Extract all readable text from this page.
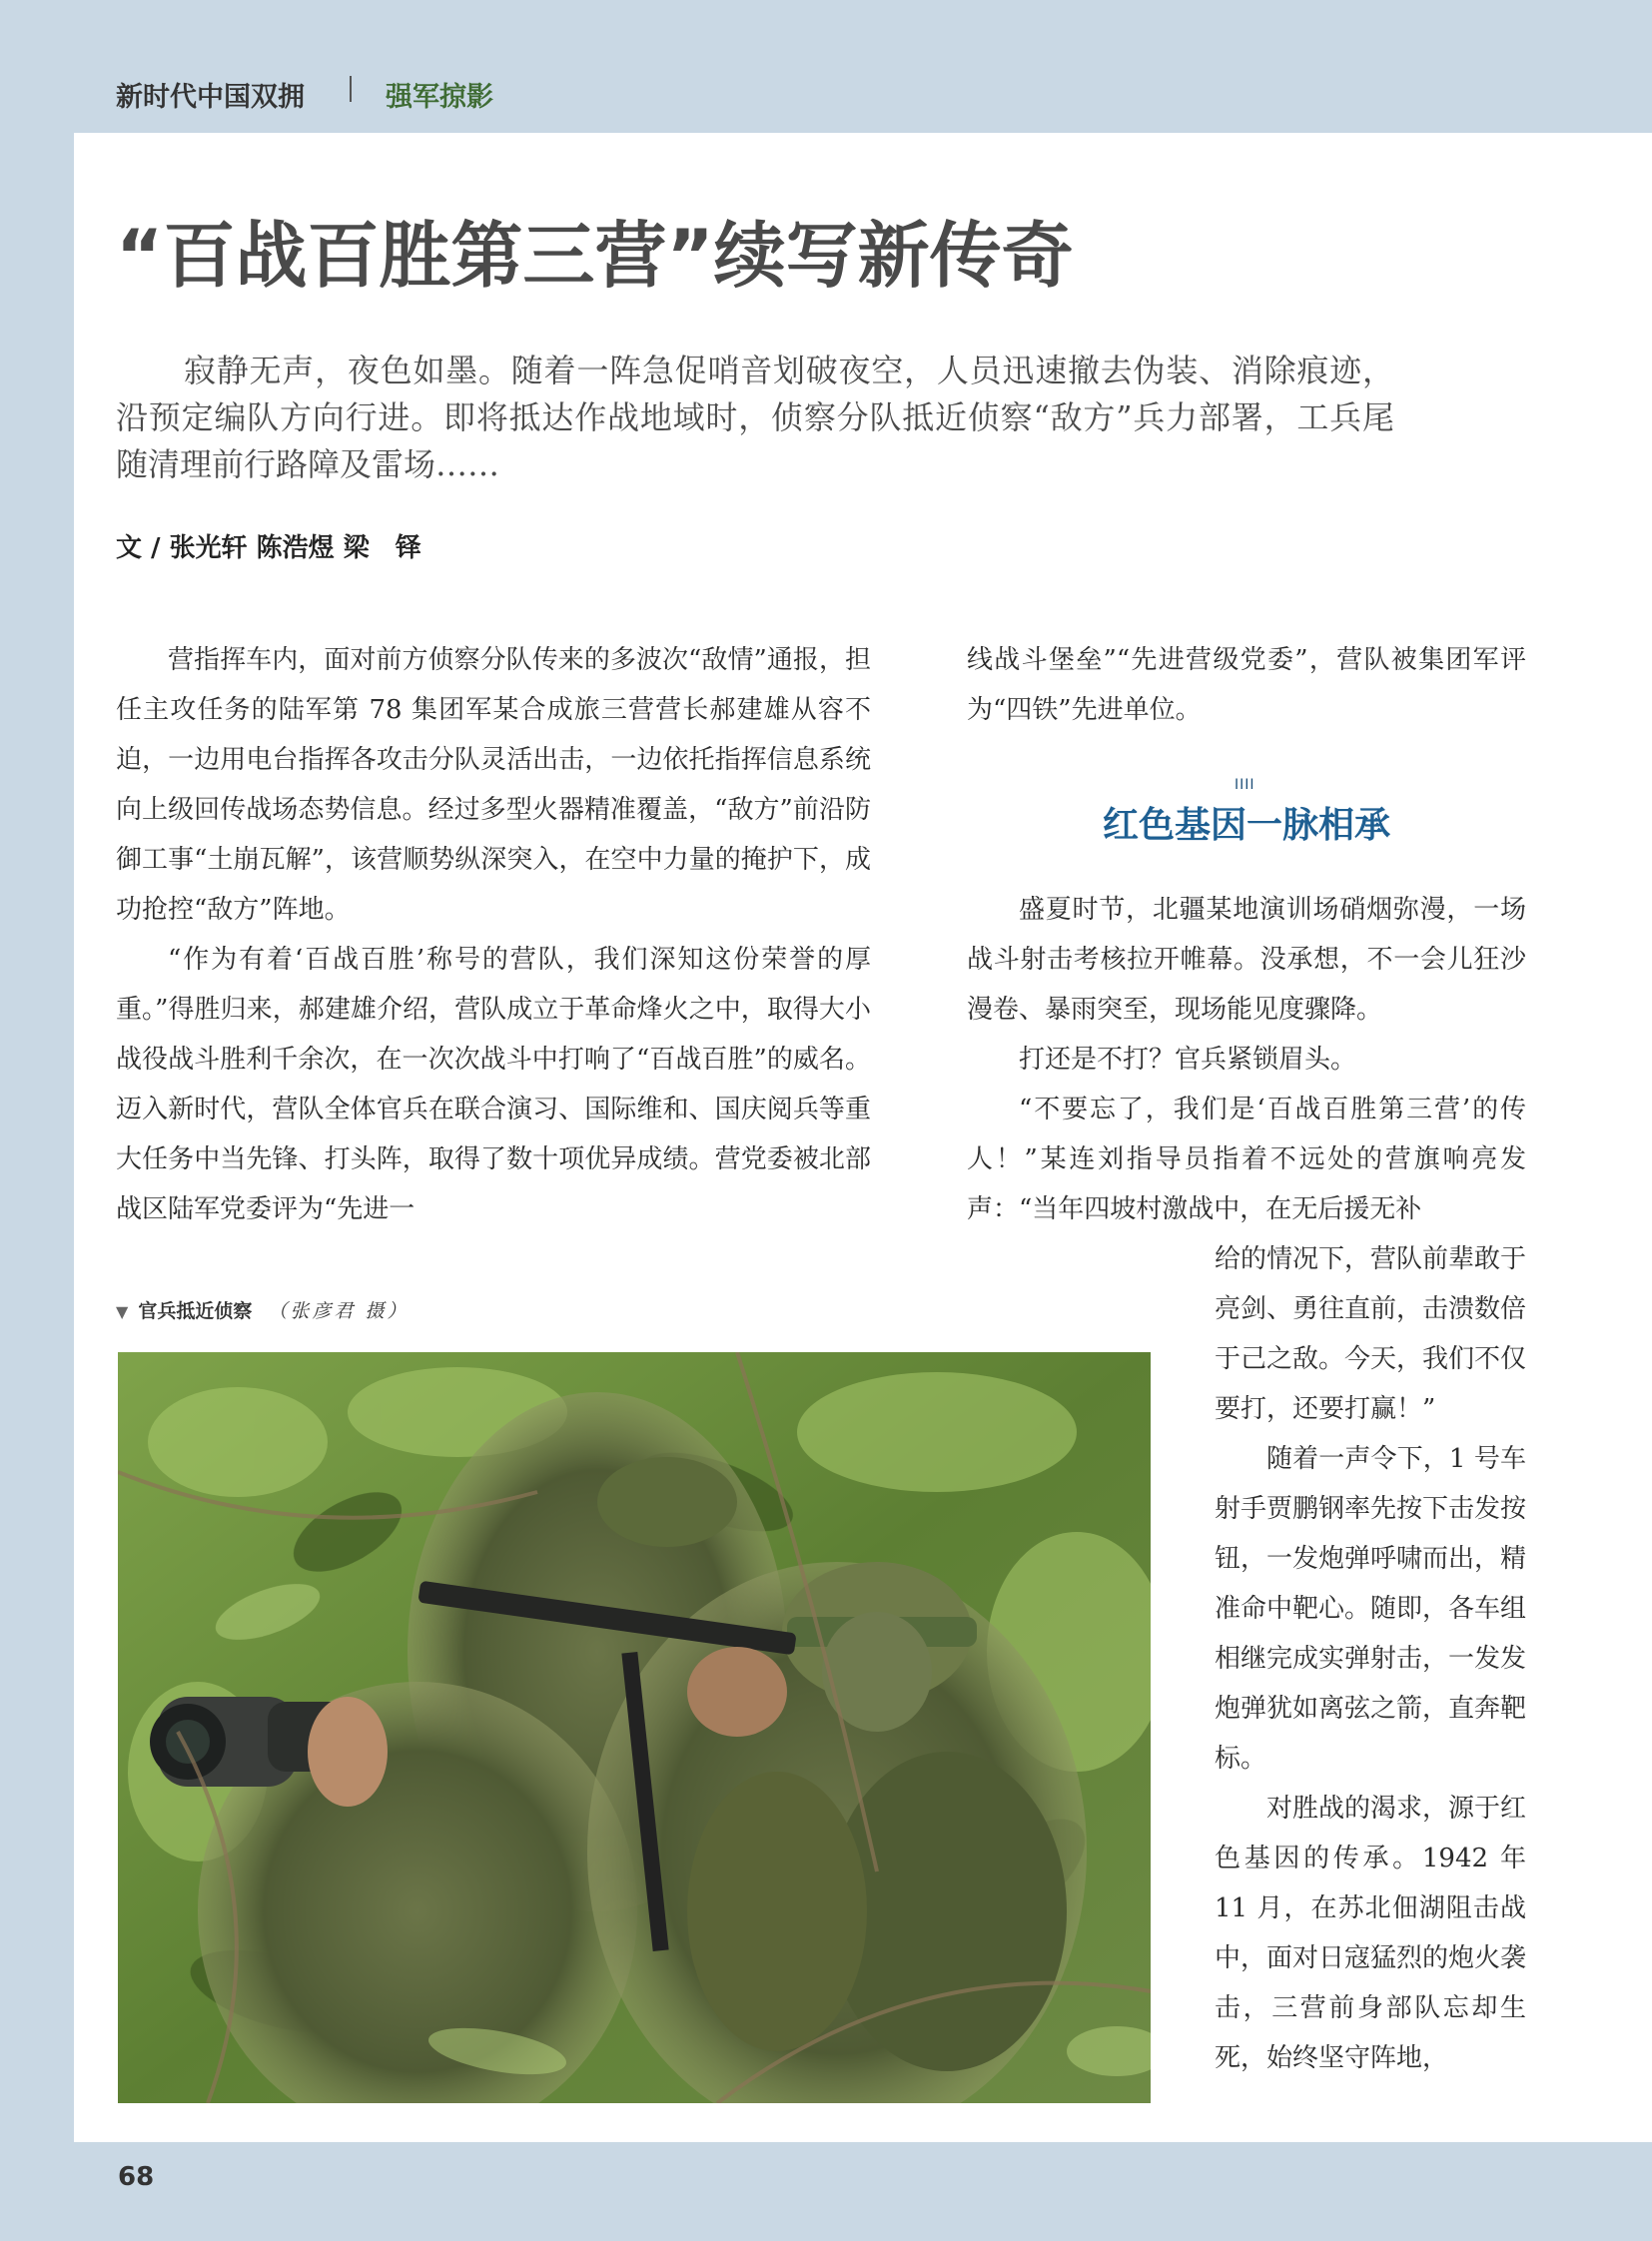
新时代中国双拥	强军掠影
“百战百胜第三营”续写新传奇
寂静无声，夜色如墨。随着一阵急促哨音划破夜空，人员迅速撤去伪装、消除痕迹，沿预定编队方向行进。即将抵达作战地域时，侦察分队抵近侦察“敌方”兵力部署，工兵尾随清理前行路障及雷场……
文 / 张光轩 陈浩煜 梁　铎

营指挥车内，面对前方侦察分队传来的多波次“敌情”通报，担任主攻任务的陆军第 78 集团军某合成旅三营营长郝建雄从容不迫，一边用电台指挥各攻击分队灵活出击，一边依托指挥信息系统向上级回传战场态势信息。经过多型火器精准覆盖，“敌方”前沿防御工事“土崩瓦解”，该营顺势纵深突入，在空中力量的掩护下，成功抢控“敌方”阵地。

“作为有着‘百战百胜’称号的营队，我们深知这份荣誉的厚重。”得胜归来，郝建雄介绍，营队成立于革命烽火之中，取得大小战役战斗胜利千余次，在一次次战斗中打响了“百战百胜”的威名。迈入新时代，营队全体官兵在联合演习、国际维和、国庆阅兵等重大任务中当先锋、打头阵，取得了数十项优异成绩。营党委被北部战区陆军党委评为“先进一

线战斗堡垒”“先进营级党委”，营队被集团军评为“四铁”先进单位。

IIII
红色基因一脉相承

盛夏时节，北疆某地演训场硝烟弥漫，一场战斗射击考核拉开帷幕。没承想，不一会儿狂沙漫卷、暴雨突至，现场能见度骤降。

打还是不打？官兵紧锁眉头。

“不要忘了，我们是‘百战百胜第三营’的传人！”某连刘指导员指着不远处的营旗响亮发声：“当年四坡村激战中，在无后援无补

给的情况下，营队前辈敢于亮剑、勇往直前，击溃数倍于己之敌。今天，我们不仅要打，还要打赢！”

随着一声令下，1 号车射手贾鹏钢率先按下击发按钮，一发炮弹呼啸而出，精准命中靶心。随即，各车组相继完成实弹射击，一发发炮弹犹如离弦之箭，直奔靶标。

对胜战的渴求，源于红色基因的传承。1942 年 11 月，在苏北佃湖阻击战中，面对日寇猛烈的炮火袭击，三营前身部队忘却生死，始终坚守阵地，

▼ 官兵抵近侦察 （张彦君 摄）
68
